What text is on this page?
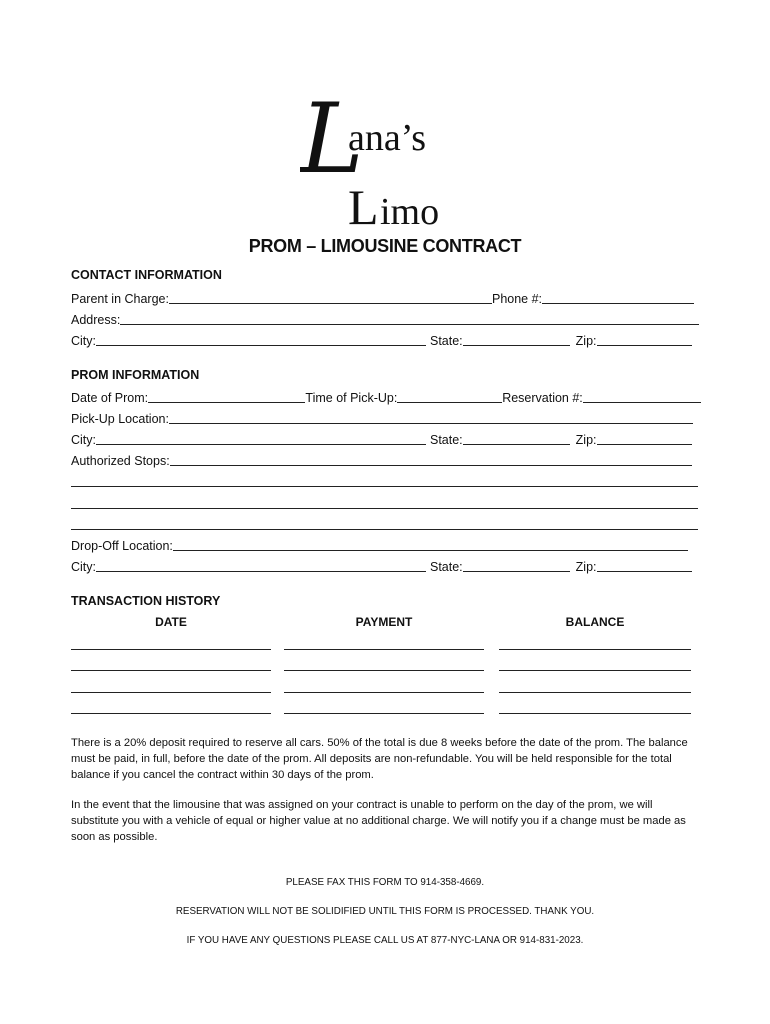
L
ana’s
L imo
PROM – LIMOUSINE CONTRACT
CONTACT INFORMATION
Parent in Charge:	Phone #:
Address:
City:	State:	Zip:
PROM INFORMATION
Date of Prom:	Time of Pick-Up:	Reservation #:
Pick-Up Location:
City:	State:	Zip:
Authorized Stops:
Drop-Off Location:
City:	State:	Zip:
TRANSACTION HISTORY
DATE	PAYMENT	BALANCE
There is a 20% deposit required to reserve all cars. 50% of the total is due 8 weeks before the date of the prom. The balance must be paid, in full, before the date of the prom. All deposits are non-refundable. You will be held responsible for the total balance if you cancel the contract within 30 days of the prom.
In the event that the limousine that was assigned on your contract is unable to perform on the day of the prom, we will substitute you with a vehicle of equal or higher value at no additional charge. We will notify you if a change must be made as soon as possible.
PLEASE FAX THIS FORM TO 914-358-4669.
RESERVATION WILL NOT BE SOLIDIFIED UNTIL THIS FORM IS PROCESSED. THANK YOU.
IF YOU HAVE ANY QUESTIONS PLEASE CALL US AT 877-NYC-LANA OR 914-831-2023.
